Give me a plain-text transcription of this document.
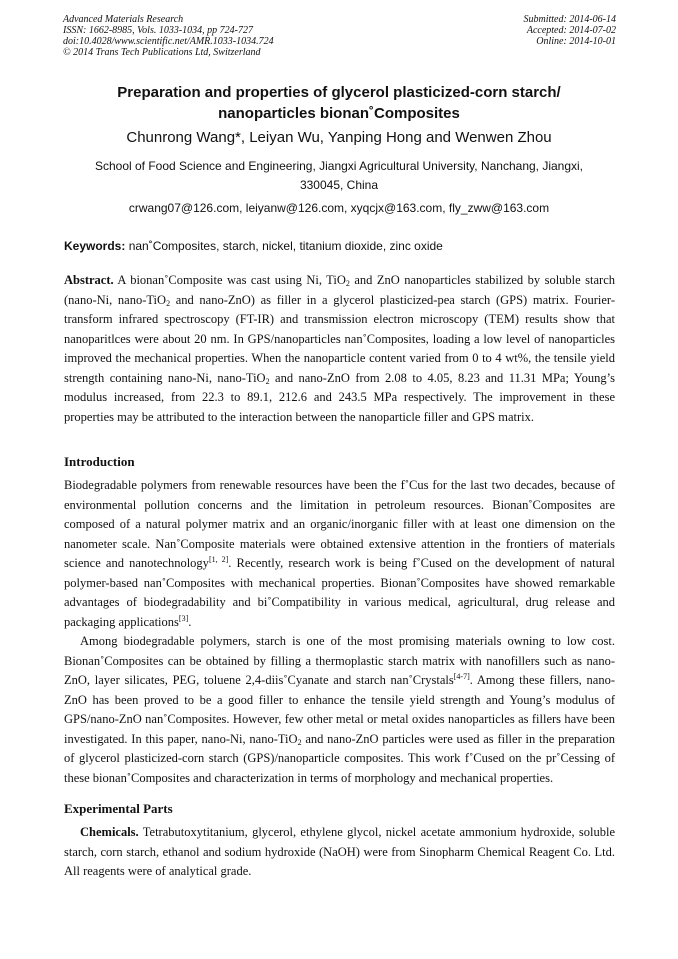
Advanced Materials Research
ISSN: 1662-8985, Vols. 1033-1034, pp 724-727
doi:10.4028/www.scientific.net/AMR.1033-1034.724
© 2014 Trans Tech Publications Ltd, Switzerland
Submitted: 2014-06-14
Accepted: 2014-07-02
Online: 2014-10-01
Preparation and properties of glycerol plasticized-corn starch/
nanoparticles bionan˚Composites
Chunrong Wang*, Leiyan Wu, Yanping Hong and Wenwen Zhou
School of Food Science and Engineering, Jiangxi Agricultural University, Nanchang, Jiangxi,
330045, China
crwang07@126.com, leiyanw@126.com, xyqcjx@163.com, fly_zww@163.com
Keywords: nan˚Composites, starch, nickel, titanium dioxide, zinc oxide
Abstract. A bionan˚Composite was cast using Ni, TiO$_2$ and ZnO nanoparticles stabilized by soluble starch (nano-Ni, nano-TiO$_2$ and nano-ZnO) as filler in a glycerol plasticized-pea starch (GPS) matrix. Fourier-transform infrared spectroscopy (FT-IR) and transmission electron microscopy (TEM) results show that nanoparitlces were about 20 nm. In GPS/nanoparticles nan˚Composites, loading a low level of nanoparticles improved the mechanical properties. When the nanoparticle content varied from 0 to 4 wt%, the tensile yield strength containing nano-Ni, nano-TiO$_2$ and nano-ZnO from 2.08 to 4.05, 8.23 and 11.31 MPa; Young’s modulus increased, from 22.3 to 89.1, 212.6 and 243.5 MPa respectively. The improvement in these properties may be attributed to the interaction between the nanoparticle filler and GPS matrix.
Introduction
Biodegradable polymers from renewable resources have been the f˚Cus for the last two decades, because of environmental pollution concerns and the limitation in petroleum resources. Bionan˚Composites are composed of a natural polymer matrix and an organic/inorganic filler with at least one dimension on the nanometer scale. Nan˚Composite materials were obtained extensive attention in the frontiers of materials science and nanotechnology[1, 2]. Recently, research work is being f˚Cused on the development of natural polymer-based nan˚Composites with mechanical properties. Bionan˚Composites have showed remarkable advantages of biodegradability and bi˚Compatibility in various medical, agricultural, drug release and packaging applications[3].
Among biodegradable polymers, starch is one of the most promising materials owning to low cost. Bionan˚Composites can be obtained by filling a thermoplastic starch matrix with nanofillers such as nano-ZnO, layer silicates, PEG, toluene 2,4-diis˚Cyanate and starch nan˚Crystals[4-7]. Among these fillers, nano-ZnO has been proved to be a good filler to enhance the tensile yield strength and Young’s modulus of GPS/nano-ZnO nan˚Composites. However, few other metal or metal oxides nanoparticles as fillers have been investigated. In this paper, nano-Ni, nano-TiO$_2$ and nano-ZnO particles were used as filler in the preparation of glycerol plasticized-corn starch (GPS)/nanoparticle composites. This work f˚Cused on the pr˚Cessing of these bionan˚Composites and characterization in terms of morphology and mechanical properties.
Experimental Parts
Chemicals. Tetrabutoxytitanium, glycerol, ethylene glycol, nickel acetate ammonium hydroxide, soluble starch, corn starch, ethanol and sodium hydroxide (NaOH) were from Sinopharm Chemical Reagent Co. Ltd. All reagents were of analytical grade.
